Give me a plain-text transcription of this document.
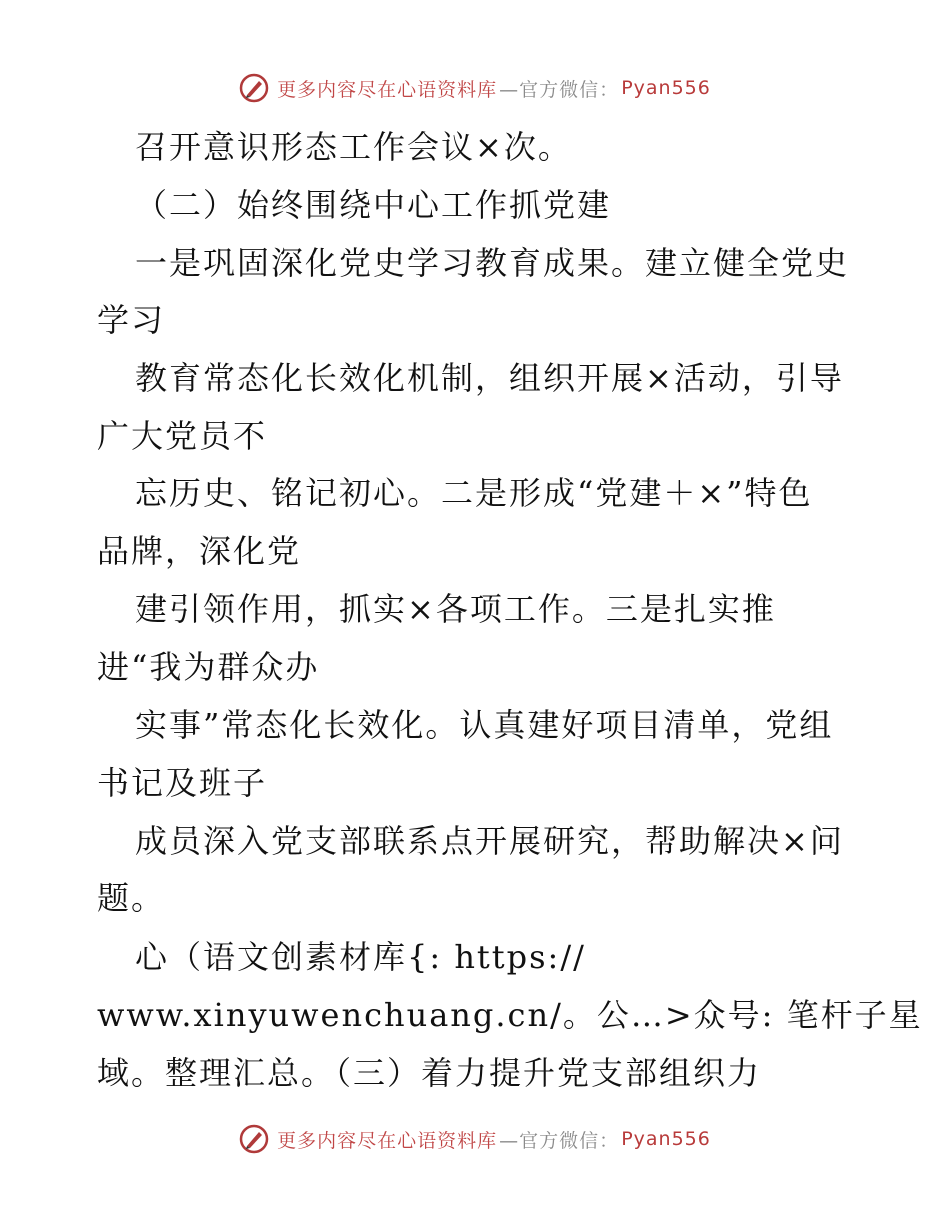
更多内容尽在心语资料库 —官方微信： Pyan556
召开意识形态工作会议×次。
（二）始终围绕中心工作抓党建
一是巩固深化党史学习教育成果。建立健全党史
学习
教育常态化长效化机制，组织开展×活动，引导
广大党员不
忘历史、铭记初心。二是形成“党建＋×”特色
品牌，深化党
建引领作用，抓实×各项工作。三是扎实推
进“我为群众办
实事”常态化长效化。认真建好项目清单，党组
书记及班子
成员深入党支部联系点开展研究，帮助解决×问
题。
心（语文创素材库{: https://
www.xinyuwenchuang.cn/。公…>众号: 笔杆子星
域。整理汇总。（三）着力提升党支部组织力
更多内容尽在心语资料库 —官方微信： Pyan556
